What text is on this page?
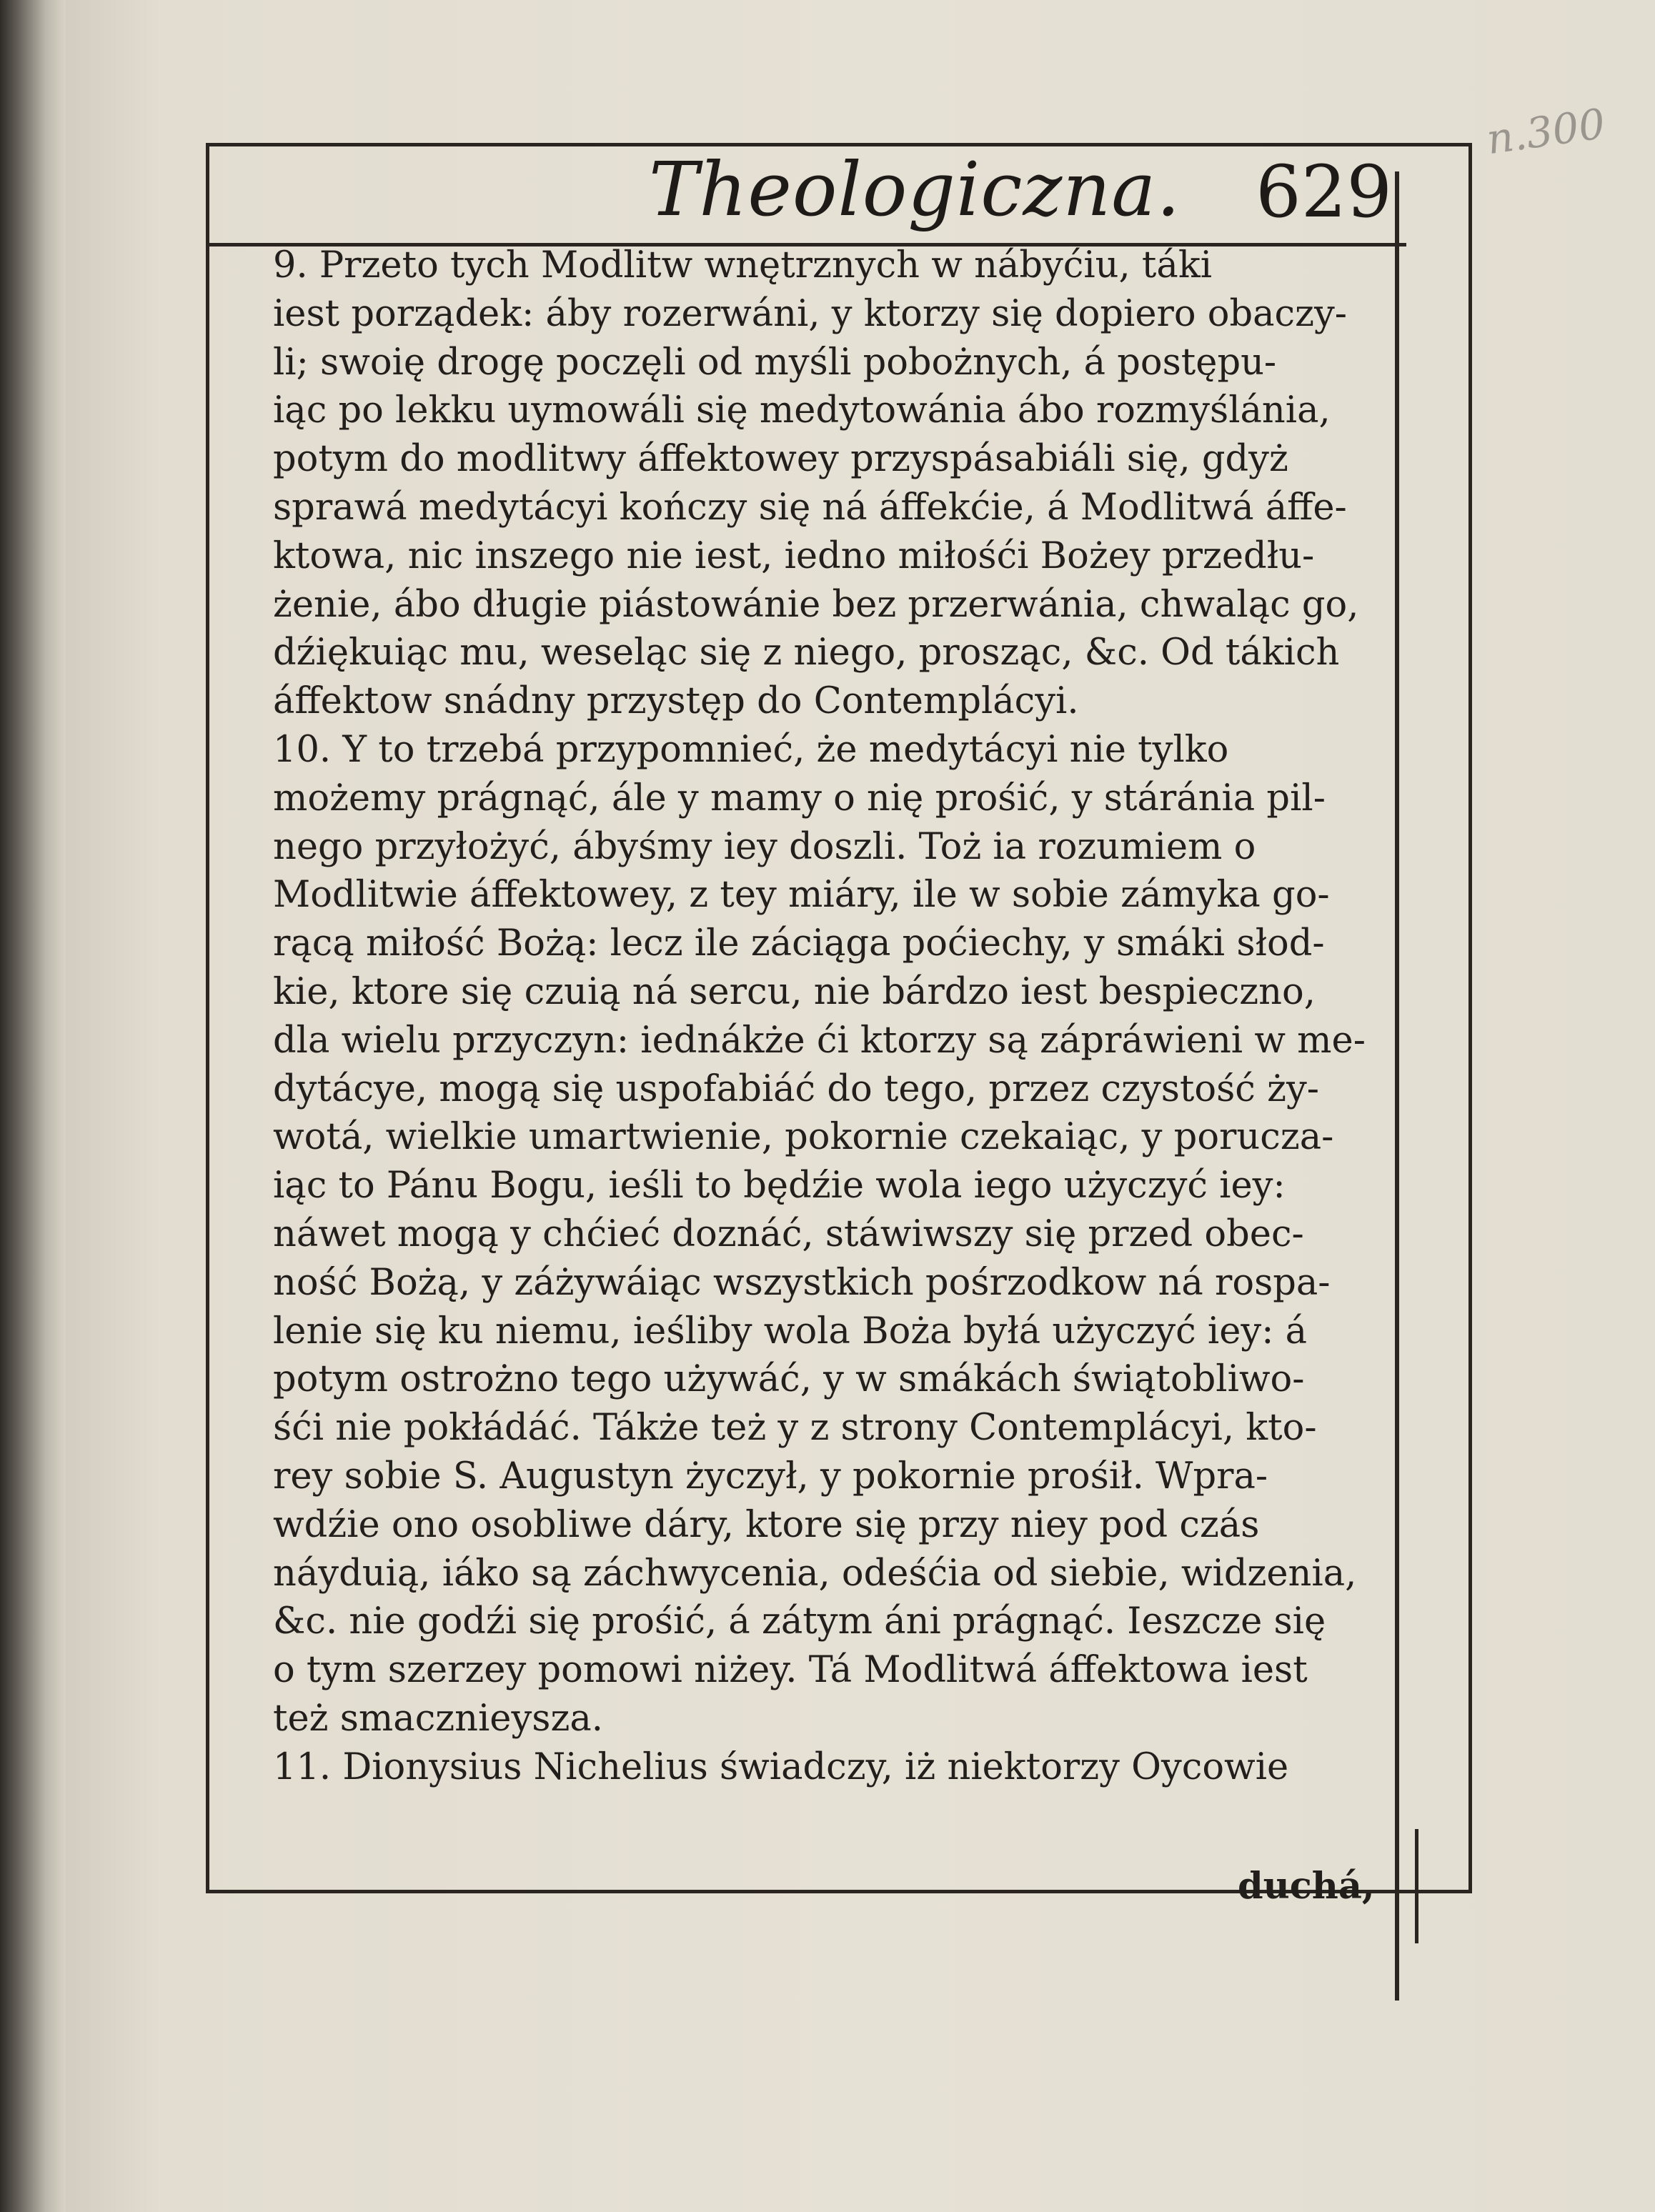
n.300
Theologiczna. 629
9. Przeto tych Modlitw wnętrznych w nábyćiu, táki
iest porządek: áby rozerwáni, y ktorzy się dopiero obaczy-
li; swoię drogę poczęli od myśli pobożnych, á postępu-
iąc po lekku uymowáli się medytowánia ábo rozmyślánia,
potym do modlitwy áffektowey przyspásabiáli się, gdyż
sprawá medytácyi kończy się ná áffekćie, á Modlitwá áffe-
ktowa, nic inszego nie iest, iedno miłośći Bożey przedłu-
żenie, ábo długie piástowánie bez przerwánia, chwaląc go,
dźiękuiąc mu, weseląc się z niego, prosząc, &c. Od tákich
áffektow snádny przystęp do Contemplácyi.
10. Y to trzebá przypomnieć, że medytácyi nie tylko
możemy prágnąć, ále y mamy o nię prośić, y stáránia pil-
nego przyłożyć, ábyśmy iey doszli. Toż ia rozumiem o
Modlitwie áffektowey, z tey miáry, ile w sobie zámyka go-
rącą miłość Bożą: lecz ile záciąga poćiechy, y smáki słod-
kie, ktore się czuią ná sercu, nie bárdzo iest bespieczno,
dla wielu przyczyn: iednákże ći ktorzy są zápráwieni w me-
dytácye, mogą się uspofabiáć do tego, przez czystość ży-
wotá, wielkie umartwienie, pokornie czekaiąc, y porucza-
iąc to Pánu Bogu, ieśli to będźie wola iego użyczyć iey:
náwet mogą y chćieć doznáć, stáwiwszy się przed obec-
ność Bożą, y záżywáiąc wszystkich pośrzodkow ná rospa-
lenie się ku niemu, ieśliby wola Boża byłá użyczyć iey: á
potym ostrożno tego używáć, y w smákách świątobliwo-
śći nie pokłádáć. Tákże też y z strony Contemplácyi, kto-
rey sobie S. Augustyn życzył, y pokornie prośił. Wpra-
wdźie ono osobliwe dáry, ktore się przy niey pod czás
náyduią, iáko są záchwycenia, odeśćia od siebie, widzenia,
&c. nie godźi się prośić, á zátym áni prágnąć. Ieszcze się
o tym szerzey pomowi niżey. Tá Modlitwá áffektowa iest
też smacznieysza.
11. Dionysius Nichelius świadczy, iż niektorzy Oycowie
duchá,
